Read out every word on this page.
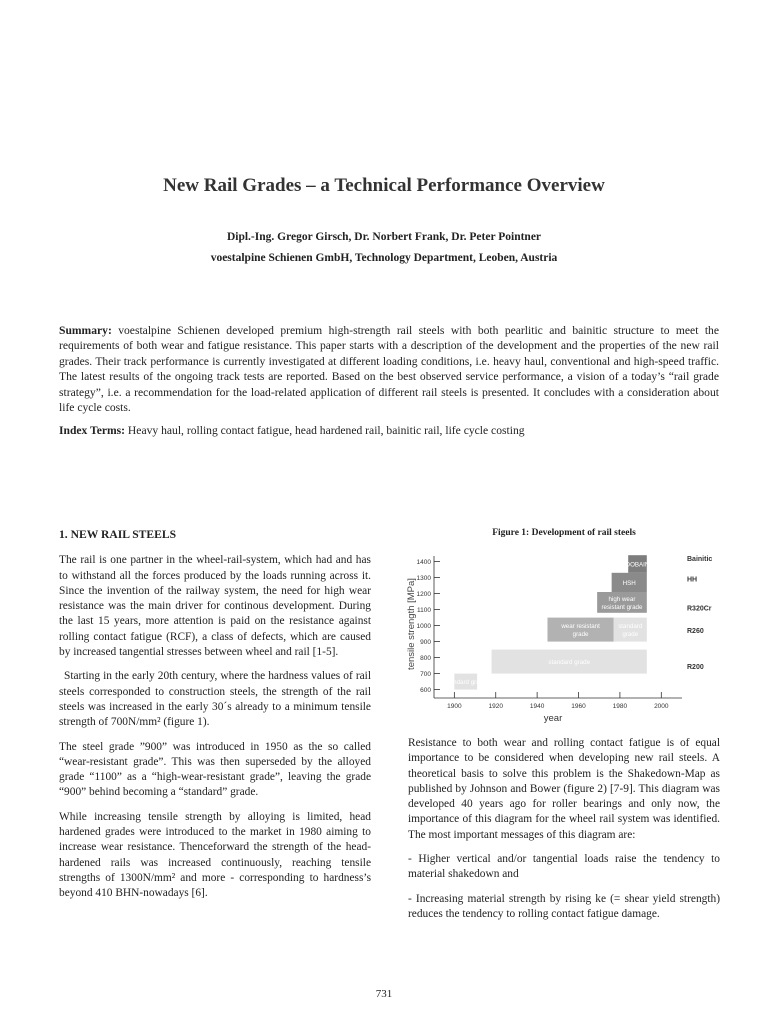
New Rail Grades – a Technical Performance Overview
Dipl.-Ing. Gregor Girsch, Dr. Norbert Frank, Dr. Peter Pointner
voestalpine Schienen GmbH, Technology Department, Leoben, Austria
Summary: voestalpine Schienen developed premium high-strength rail steels with both pearlitic and bainitic structure to meet the requirements of both wear and fatigue resistance. This paper starts with a description of the development and the properties of the new rail grades. Their track performance is currently investigated at different loading conditions, i.e. heavy haul, conventional and high-speed traffic. The latest results of the ongoing track tests are reported. Based on the best observed service performance, a vision of a today’s “rail grade strategy”, i.e. a recommendation for the load-related application of different rail steels is presented. It concludes with a consideration about life cycle costs.
Index Terms: Heavy haul, rolling contact fatigue, head hardened rail, bainitic rail, life cycle costing
1. NEW RAIL STEELS

The rail is one partner in the wheel-rail-system, which had and has to withstand all the forces produced by the loads running across it. Since the invention of the railway system, the need for high wear resistance was the main driver for continous development. During the last 15 years, more attention is paid on the resistance against rolling contact fatigue (RCF), a class of defects, which are caused by increased tangential stresses between wheel and rail [1-5].

Starting in the early 20th century, where the hardness values of rail steels corresponded to construction steels, the strength of the rail steels was increased in the early 30´s already to a minimum tensile strength of 700N/mm² (figure 1).

The steel grade ”900” was introduced in 1950 as the so called “wear-resistant grade”. This was then superseded by the alloyed grade “1100” as a “high-wear-resistant grade”, leaving the grade “900” behind becoming a “standard” grade.

While increasing tensile strength by alloying is limited, head hardened grades were introduced to the market in 1980 aiming to increase wear resistance. Thenceforward the strength of the head-hardened rails was increased continuously, reaching tensile strengths of 1300N/mm² and more - corresponding to hardness’s beyond 410 BHN-nowadays [6].

Figure 1: Development of rail steels
standard grade
standard grade
wear resistant
grade
standard
grade
high wear
resistant grade
HSH
DOBAIN
600
700
800
900
1000
1100
1200
1300
1400
tensile strength [MPa]
1900	1920	1940	1960	1980	2000
year
Bainitic
HH
R320Cr
R260
R200

Resistance to both wear and rolling contact fatigue is of equal importance to be considered when developing new rail steels. A theoretical basis to solve this problem is the Shakedown-Map as published by Johnson and Bower (figure 2) [7-9]. This diagram was developed 40 years ago for roller bearings and only now, the importance of this diagram for the wheel rail system was identified. The most important messages of this diagram are:

- Higher vertical and/or tangential loads raise the tendency to material shakedown and

- Increasing material strength by rising ke (= shear yield strength) reduces the tendency to rolling contact fatigue damage.

731
